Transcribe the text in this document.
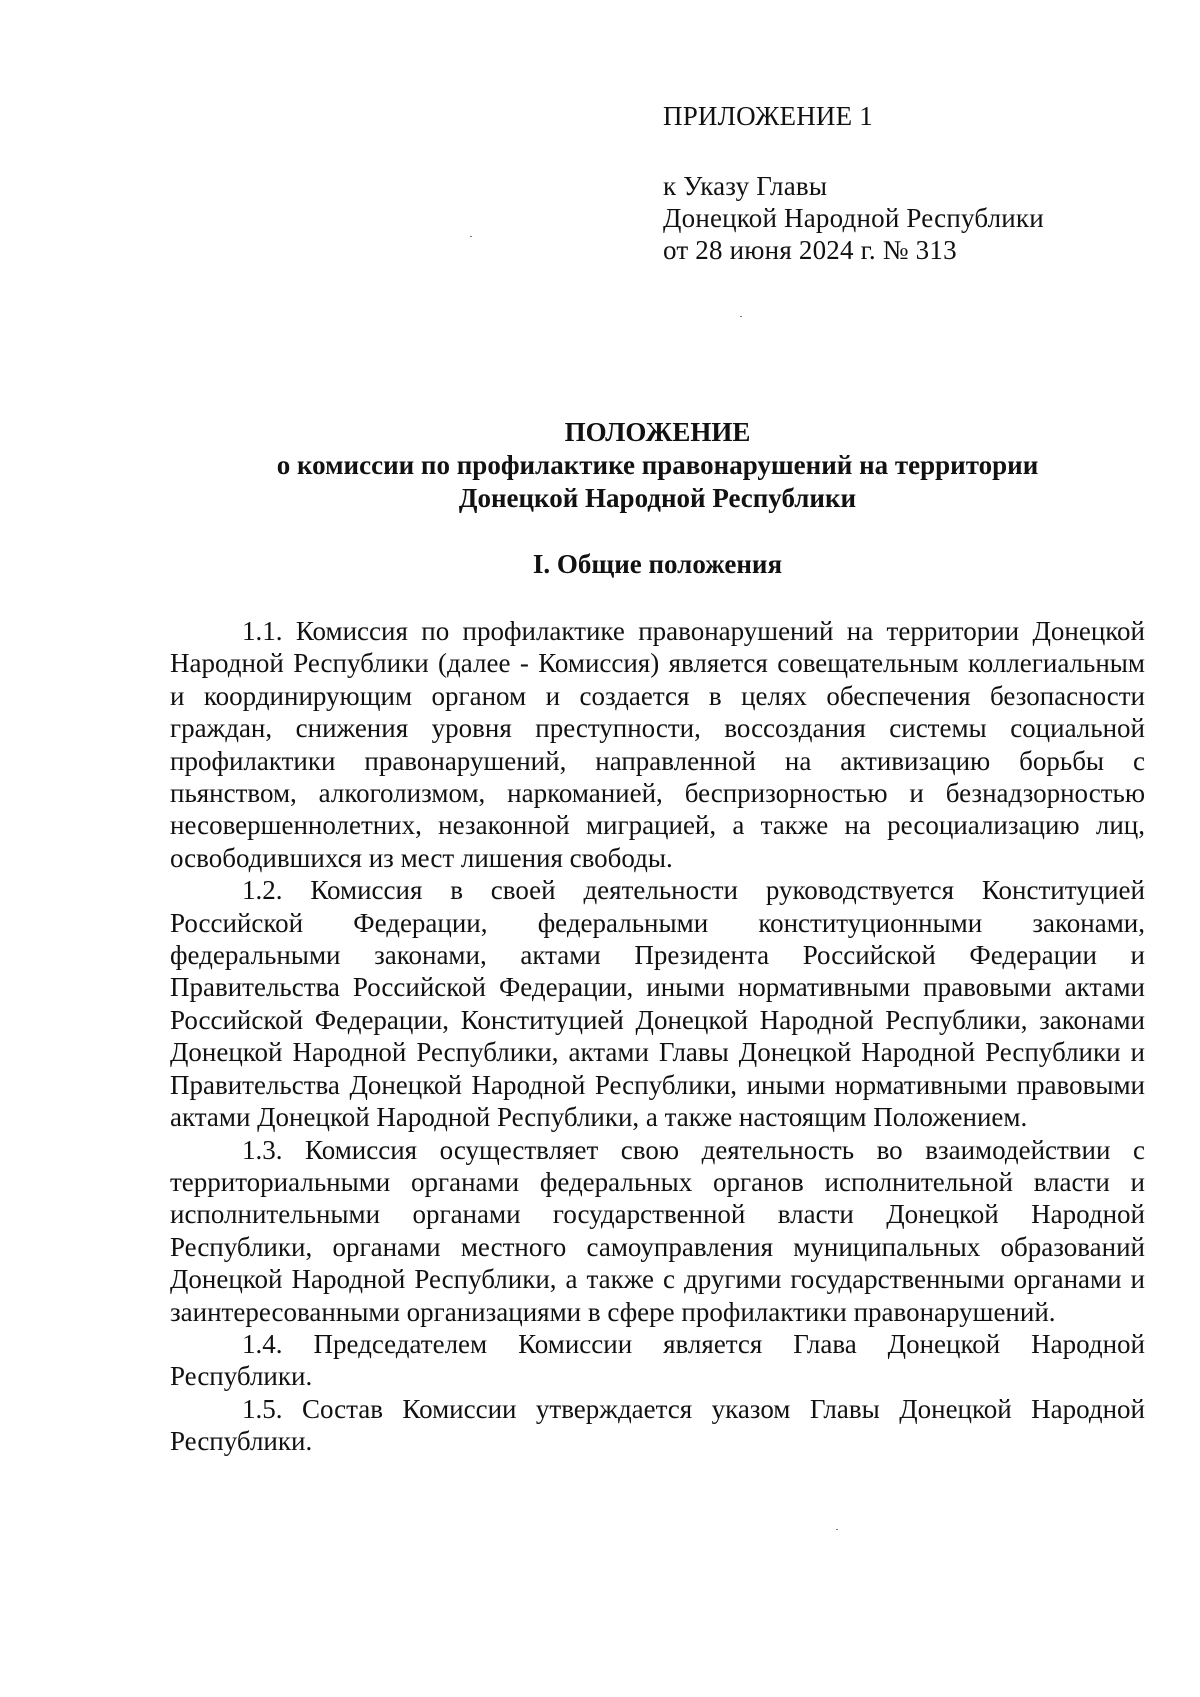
ПРИЛОЖЕНИЕ 1
к Указу Главы
Донецкой Народной Республики
от 28 июня 2024 г. № 313
ПОЛОЖЕНИЕ
о комиссии по профилактике правонарушений на территории
Донецкой Народной Республики
I. Общие положения

1.1. Комиссия по профилактике правонарушений на территории Донецкой Народной Республики (далее - Комиссия) является совещательным коллегиальным и координирующим органом и создается в целях обеспечения безопасности граждан, снижения уровня преступности, воссоздания системы социальной профилактики правонарушений, направленной на активизацию борьбы с пьянством, алкоголизмом, наркоманией, беспризорностью и безнадзорностью несовершеннолетних, незаконной миграцией, а также на ресоциализацию лиц, освободившихся из мест лишения свободы.

1.2. Комиссия в своей деятельности руководствуется Конституцией Российской Федерации, федеральными конституционными законами, федеральными законами, актами Президента Российской Федерации и Правительства Российской Федерации, иными нормативными правовыми актами Российской Федерации, Конституцией Донецкой Народной Республики, законами Донецкой Народной Республики, актами Главы Донецкой Народной Республики и Правительства Донецкой Народной Республики, иными нормативными правовыми актами Донецкой Народной Республики, а также настоящим Положением.

1.3. Комиссия осуществляет свою деятельность во взаимодействии с территориальными органами федеральных органов исполнительной власти и исполнительными органами государственной власти Донецкой Народной Республики, органами местного самоуправления муниципальных образований Донецкой Народной Республики, а также с другими государственными органами и заинтересованными организациями в сфере профилактики правонарушений.

1.4. Председателем Комиссии является Глава Донецкой Народной Республики.

1.5. Состав Комиссии утверждается указом Главы Донецкой Народной Республики.
